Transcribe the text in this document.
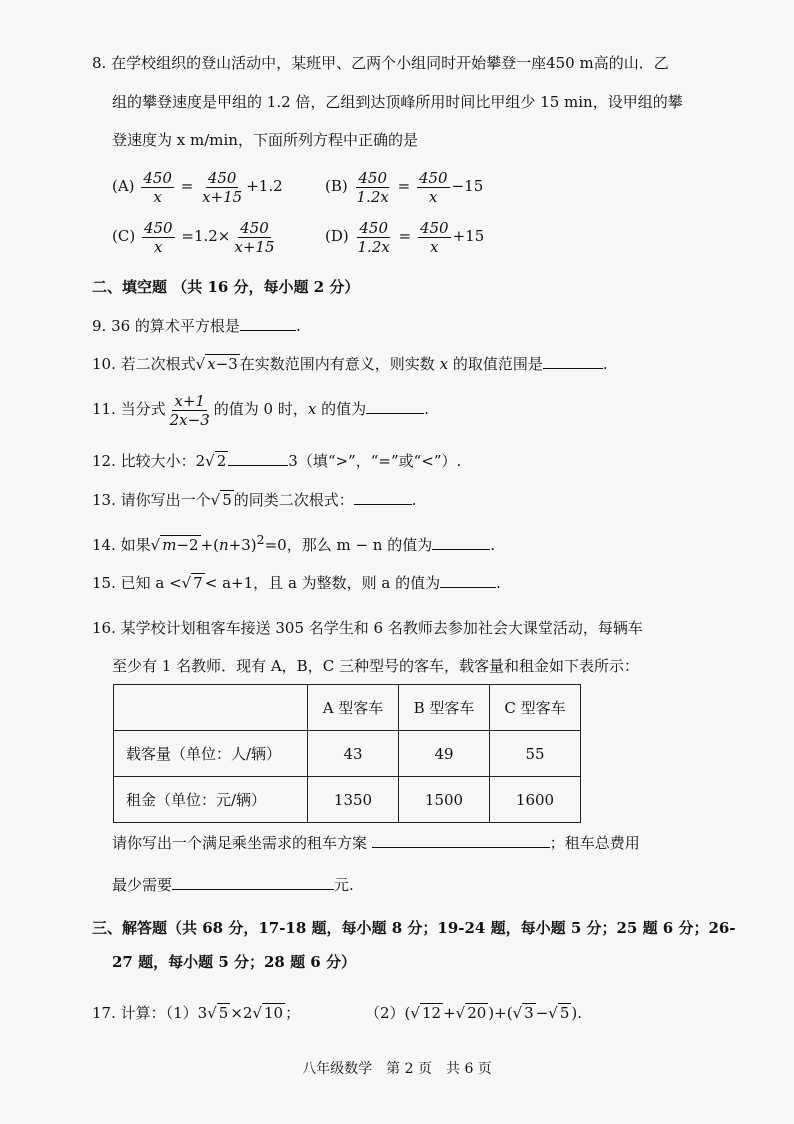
8. 在学校组织的登山活动中，某班甲、乙两个小组同时开始攀登一座450 m高的山．乙
组的攀登速度是甲组的 1.2 倍，乙组到达顶峰所用时间比甲组少 15 min，设甲组的攀
登速度为 x m/min，下面所列方程中正确的是
$(A) \frac{450}{x} = \frac{450}{x+15} +1.2$	$(B) \frac{450}{1.2x} = \frac{450}{x} -15$
$(C) \frac{450}{x} =1.2\times \frac{450}{x+15}$	$(D) \frac{450}{1.2x} = \frac{450}{x} +15$
二、填空题 （共 16 分，每小题 2 分）
9. 36 的算术平方根是	.
10. 若二次根式√ x−3 在实数范围内有意义，则实数 x 的取值范围是	.
11. 当分式 $\frac{x+1}{2x-3}$ 的值为 0 时，x 的值为	.
12. 比较大小：2√ 2	3（填“>”，“=”或“<”）.
13. 请你写出一个√ 5 的同类二次根式：	.
14. 如果√ $m-2 +(n+3)^2=0$，那么 m − n 的值为	.
15. 已知 a <√ 7 < a+1，且 a 为整数，则 a 的值为	.
16. 某学校计划租客车接送 305 名学生和 6 名教师去参加社会大课堂活动，每辆车
至少有 1 名教师．现有 A，B，C 三种型号的客车，载客量和租金如下表所示：
	A 型客车	B 型客车	C 型客车
载客量（单位：人/辆）	43	49	55
租金（单位：元/辆）	1350	1500	1600
请你写出一个满足乘坐需求的租车方案	；租车总费用
最少需要	元.
三、解答题（共 68 分，17-18 题，每小题 8 分；19-24 题，每小题 5 分；25 题 6 分；26-
27 题，每小题 5 分；28 题 6 分）
17. 计算：（1）3√ 5 ×2√ 10 ；	（2）(√ 12 +√ 20 )+(√ 3 −√ 5 ).
八年级数学　第 2 页　共 6 页
